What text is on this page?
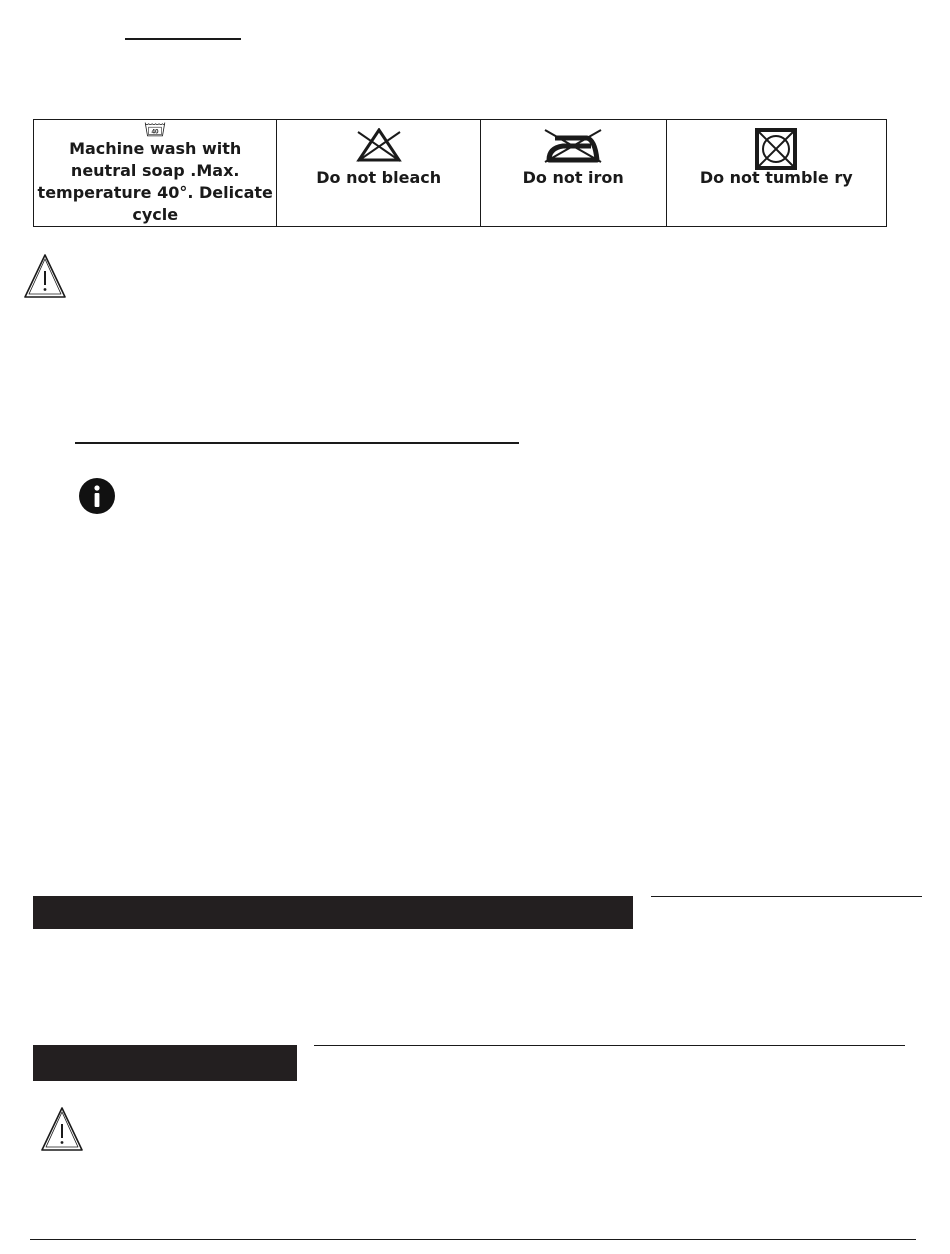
40
Machine wash with neutral soap .Max. temperature 40°. Delicate cycle
Do not bleach	Do not iron	Do not tumble ry
